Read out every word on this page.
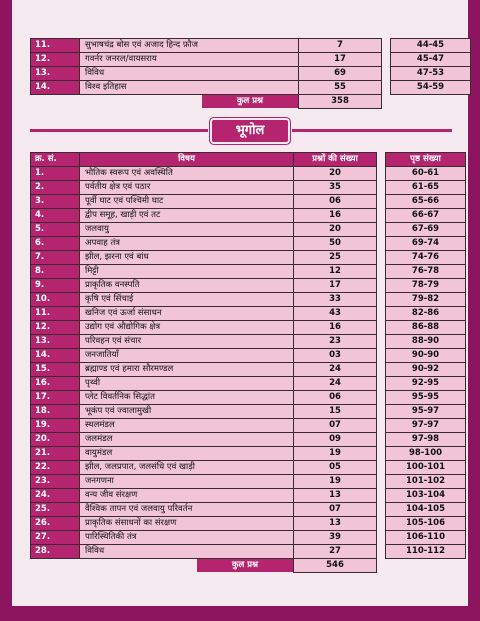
11.	सुभाषचंद्र बोस एवं अजाद हिन्द फ़ौज	7		44-45
12.	गवर्नर जनरल/वायसराय	17		45-47
13.	विविध	69		47-53
14.	विश्व इतिहास	55		54-59

	कुल प्रश्न	358		
भूगोल
क्र. सं.	विषय	प्रश्नों की संख्या		पृष्ठ संख्या
1.	भौतिक स्वरूप एवं अवस्थिति	20		60-61
2.	पर्वतीय क्षेत्र एवं पठार	35		61-65
3.	पूर्वी घाट एवं पश्चिमी घाट	06		65-66
4.	द्वीप समूह, खाड़ी एवं तट	16		66-67
5.	जलवायु	20		67-69
6.	अपवाह तंत्र	50		69-74
7.	झील, झरना एवं बांध	25		74-76
8.	मिट्टी	12		76-78
9.	प्राकृतिक वनस्पति	17		78-79
10.	कृषि एवं सिंचाई	33		79-82
11.	खनिज एवं ऊर्जा संसाधन	43		82-86
12.	उद्योग एवं औद्योगिक क्षेत्र	16		86-88
13.	परिवहन एवं संचार	23		88-90
14.	जनजातियाँ	03		90-90
15.	ब्रह्माण्ड एवं हमारा सौरमण्डल	24		90-92
16.	पृथ्वी	24		92-95
17.	प्लेट विवर्तनिक सिद्धांत	06		95-95
18.	भूकंप एवं ज्वालामुखी	15		95-97
19.	स्थलमंडल	07		97-97
20.	जलमंडल	09		97-98
21.	वायुमंडल	19		98-100
22.	झील, जलप्रपात, जलसंधि एवं खाड़ी	05		100-101
23.	जनगणना	19		101-102
24.	वन्य जीव संरक्षण	13		103-104
25.	वैश्विक तापन एवं जलवायु परिवर्तन	07		104-105
26.	प्राकृतिक संसाधनों का संरक्षण	13		105-106
27.	पारिस्थितिकी तंत्र	39		106-110
28.	विविध	27		110-112

	कुल प्रश्न	546		
